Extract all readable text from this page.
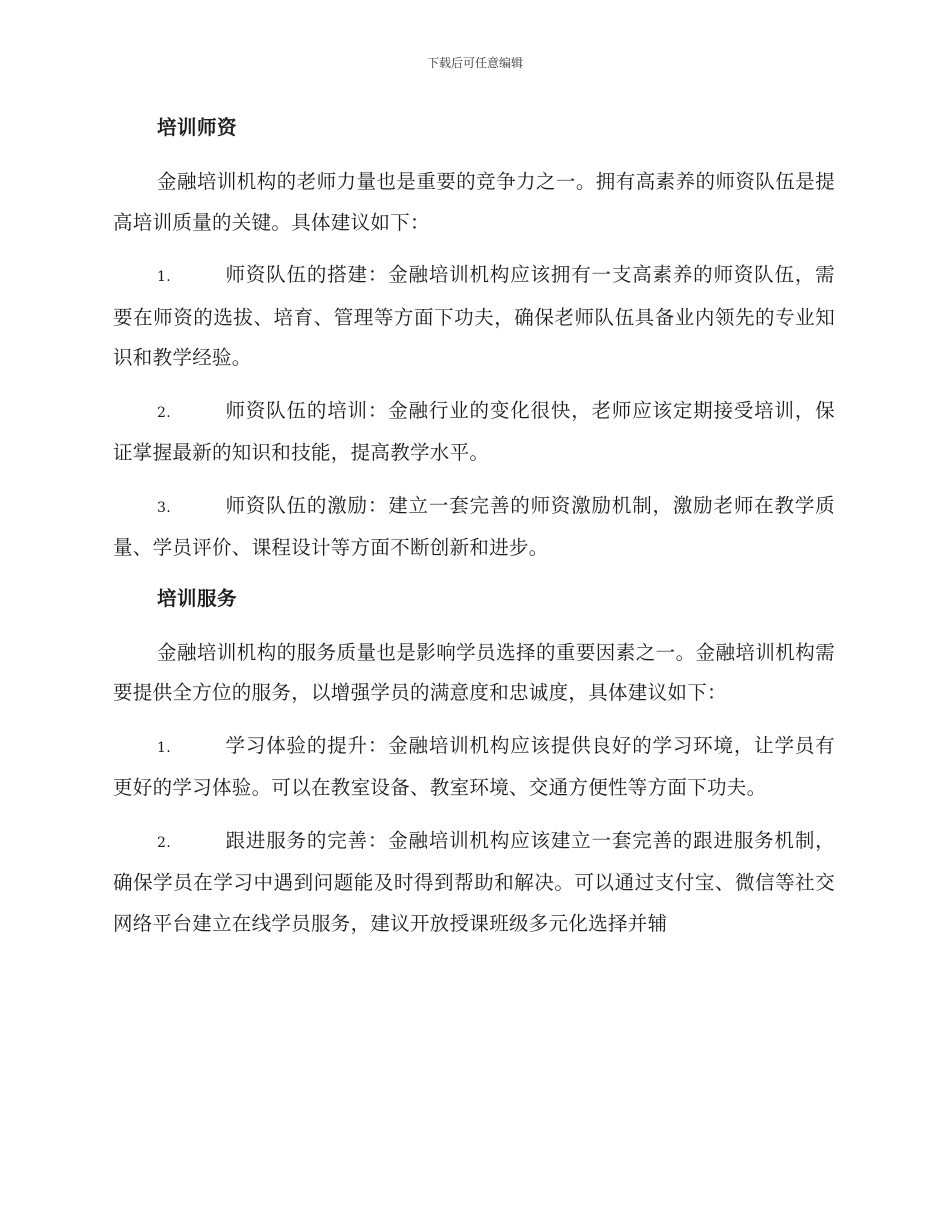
下载后可任意编辑
培训师资

金融培训机构的老师力量也是重要的竞争力之一。拥有高素养的师资队伍是提高培训质量的关键。具体建议如下：

1.	师资队伍的搭建：金融培训机构应该拥有一支高素养的师资队伍，需要在师资的选拔、培育、管理等方面下功夫，确保老师队伍具备业内领先的专业知识和教学经验。

2.	师资队伍的培训：金融行业的变化很快，老师应该定期接受培训，保证掌握最新的知识和技能，提高教学水平。

3.	师资队伍的激励：建立一套完善的师资激励机制，激励老师在教学质量、学员评价、课程设计等方面不断创新和进步。

培训服务

金融培训机构的服务质量也是影响学员选择的重要因素之一。金融培训机构需要提供全方位的服务，以增强学员的满意度和忠诚度，具体建议如下：

1.	学习体验的提升：金融培训机构应该提供良好的学习环境，让学员有更好的学习体验。可以在教室设备、教室环境、交通方便性等方面下功夫。

2.	跟进服务的完善：金融培训机构应该建立一套完善的跟进服务机制，确保学员在学习中遇到问题能及时得到帮助和解决。可以通过支付宝、微信等社交网络平台建立在线学员服务，建议开放授课班级多元化选择并辅
